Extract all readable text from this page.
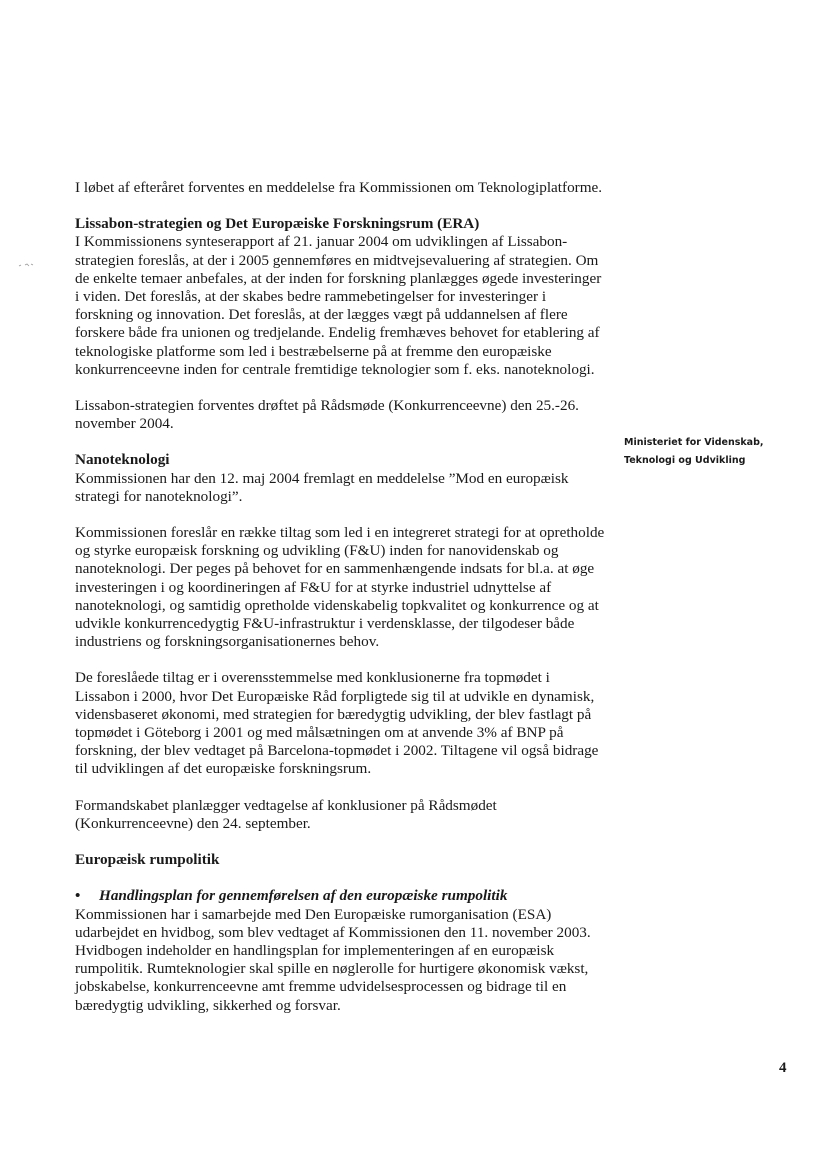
I løbet af efteråret forventes en meddelelse fra Kommissionen om Teknologiplatforme.

Lissabon-strategien og Det Europæiske Forskningsrum (ERA)

I Kommissionens synteserapport af 21. januar 2004 om udviklingen af Lissabon-strategien foreslås, at der i 2005 gennemføres en midtvejsevaluering af strategien. Om de enkelte temaer anbefales, at der inden for forskning planlægges øgede investeringer i viden. Det foreslås, at der skabes bedre rammebetingelser for investeringer i forskning og innovation. Det foreslås, at der lægges vægt på uddannelsen af flere forskere både fra unionen og tredjelande. Endelig fremhæves behovet for etablering af teknologiske platforme som led i bestræbelserne på at fremme den europæiske konkurrenceevne inden for centrale fremtidige teknologier som f. eks. nanoteknologi.

Lissabon-strategien forventes drøftet på Rådsmøde (Konkurrenceevne) den 25.-26. november 2004.

Nanoteknologi

Kommissionen har den 12. maj 2004 fremlagt en meddelelse ”Mod en europæisk strategi for nanoteknologi”.

Kommissionen foreslår en række tiltag som led i en integreret strategi for at opretholde og styrke europæisk forskning og udvikling (F&U) inden for nanovidenskab og nanoteknologi. Der peges på behovet for en sammenhængende indsats for bl.a. at øge investeringen i og koordineringen af F&U for at styrke industriel udnyttelse af nanoteknologi, og samtidig opretholde videnskabelig topkvalitet og konkurrence og at udvikle konkurrencedygtig F&U-infrastruktur i verdensklasse, der tilgodeser både industriens og forskningsorganisationernes behov.

De foreslåede tiltag er i overensstemmelse med konklusionerne fra topmødet i Lissabon i 2000, hvor Det Europæiske Råd forpligtede sig til at udvikle en dynamisk, vidensbaseret økonomi, med strategien for bæredygtig udvikling, der blev fastlagt på topmødet i Göteborg i 2001 og med målsætningen om at anvende 3% af BNP på forskning, der blev vedtaget på Barcelona-topmødet i 2002. Tiltagene vil også bidrage til udviklingen af det europæiske forskningsrum.

Formandskabet planlægger vedtagelse af konklusioner på Rådsmødet (Konkurrenceevne) den 24. september.

Europæisk rumpolitik
• Handlingsplan for gennemførelsen af den europæiske rumpolitik

Kommissionen har i samarbejde med Den Europæiske rumorganisation (ESA) udarbejdet en hvidbog, som blev vedtaget af Kommissionen den 11. november 2003. Hvidbogen indeholder en handlingsplan for implementeringen af en europæisk rumpolitik. Rumteknologier skal spille en nøglerolle for hurtigere økonomisk vækst, jobskabelse, konkurrenceevne amt fremme udvidelsesprocessen og bidrage til en bæredygtig udvikling, sikkerhed og forsvar.

Ministeriet for Videnskab,
Teknologi og Udvikling
4
